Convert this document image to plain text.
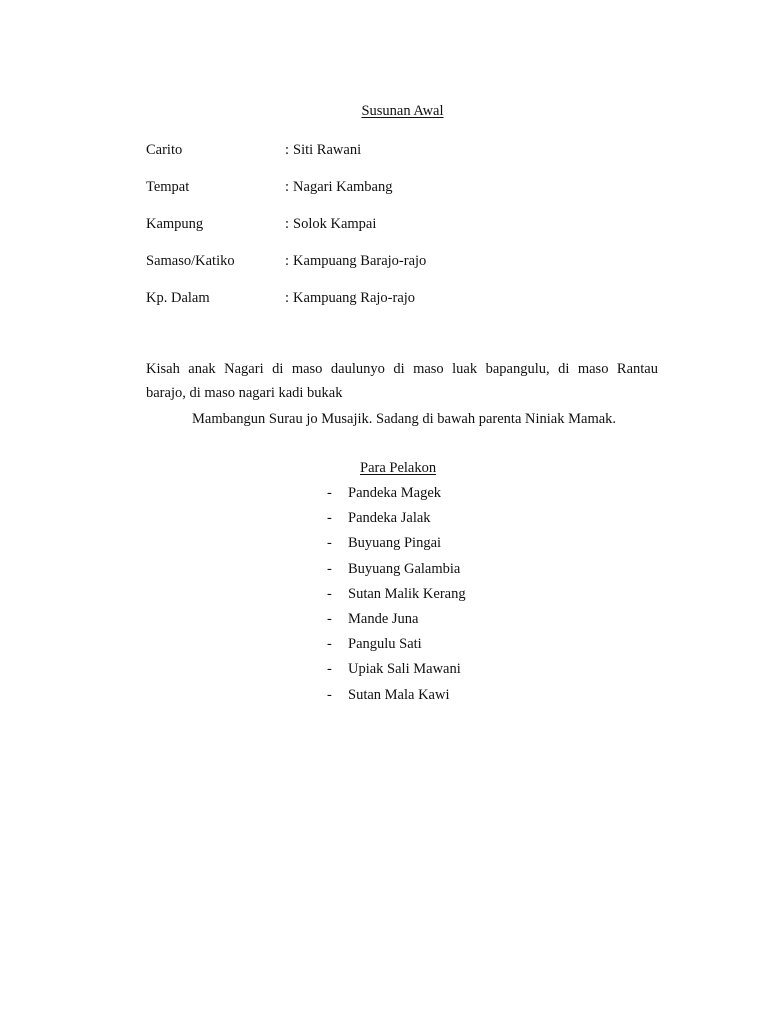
Susunan Awal
Carito	: Siti Rawani
Tempat	: Nagari Kambang
Kampung	: Solok Kampai
Samaso/Katiko	: Kampuang Barajo-rajo
Kp. Dalam	: Kampuang Rajo-rajo
Kisah anak Nagari di maso daulunyo di maso luak bapangulu, di maso Rantau
barajo, di maso nagari kadi bukak
Mambangun Surau jo Musajik. Sadang di bawah parenta Niniak Mamak.
Para Pelakon
- Pandeka Magek
- Pandeka Jalak
- Buyuang Pingai
- Buyuang Galambia
- Sutan Malik Kerang
- Mande Juna
- Pangulu Sati
- Upiak Sali Mawani
- Sutan Mala Kawi
